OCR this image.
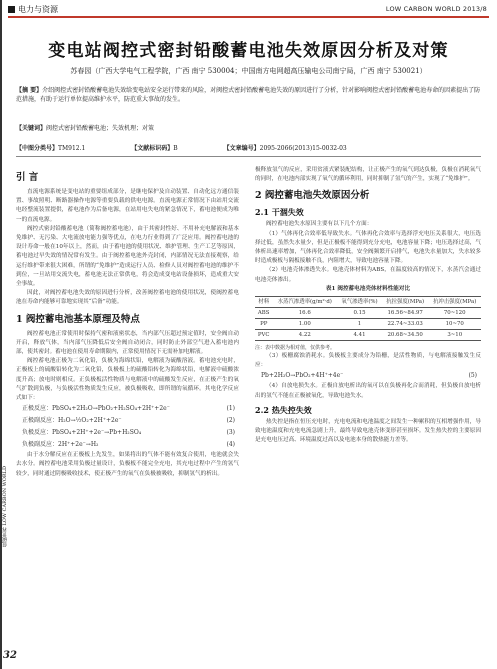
电力与资源	LOW CARBON WORLD 2013/8
变电站阀控式密封铅酸蓄电池失效原因分析及对策
苏春园（广西大学电气工程学院，广西 南宁 530004；中国南方电网超高压输电公司南宁局，广西 南宁 530021）
【摘 要】介绍阀控式密封铅酸蓄电池失效给变电站安全运行带来的风险，对阀控式密封铅酸蓄电池失效的原因进行了分析，针对影响阀控式密封铅酸蓄电池寿命的因素提出了防范措施，有助于运行单位提高维护水平，防范重大事故的发生。
【关键词】阀控式密封铅酸蓄电池；失效机理；对策
【中图分类号】TM912.1	【文献标识码】B	【文章编号】2095-2066(2013)15-0032-03
引 言

直流电源系统是变电站的重要组成部分，是继电保护及自动装置、自动化远方通信装置、事故照明、断路器操作电源等重要负载的供电电源。直流电源正常情况下由站用交流电经整流装置提供，蓄电池作为后备电源，在站用电失电的紧急情况下，蓄电池便成为唯一的直流电源。

阀控式密封铅酸蓄电池（简称阀控蓄电池），由于其密封性好、不用补充电解液和基本免维护、无污染、大电流放电能力强等优点，在电力行业得到了广泛应用。阀控蓄电池的设计寿命一般在10年以上，然而，由于蓄电池的使用状况、维护管理、生产工艺等原因，蓄电池过早失效的情况常有发生。由于阀控蓄电池外壳封闭，内部情况无法直接观察，给运行维护带来很大困难，所谓的“免维护”造成运行人员、检修人员对阀控蓄电池的维护不到位，一旦站用交流失电，蓄电池无法正常供电，将会造成变电站设备损坏，造成重大安全事故。

因此，对阀控蓄电池失效的原因进行分析，改善阀控蓄电池的使用状况，使阀控蓄电池在寿命内能够可靠地实现其“后备”功能。

1 阀控蓄电池基本原理及特点

阀控蓄电池正常使用时保持气密和液密状态，当内部气压超过预定值时，安全阀自动开启，释放气体，当内部气压降低后安全阀自动闭合，同时防止外部空气进入蓄电池内部，使其密封。蓄电池在使用寿命期限内，正常使用情况下无需补加电解液。

阀控蓄电池正极为二氧化铅，负极为海绵状铅，电解液为硫酸溶液。蓄电池充电时，正极板上的硫酸铅转化为二氧化铅，负极板上的硫酸铅转化为海绵状铅，电解液中硫酸浓度升高；放电时则相反。正负极板活性物质与电解液中的硫酸发生反应，在正极产生的氧气扩散到负极，与负极活性物质发生反应，被负极吸收，即所谓的氧循环。其电化学反应式如下：

正极反应：PbSO₄+2H₂O→PbO₂+H₂SO₄+2H⁺+2e⁻	(1)
正极副反应：H₂O→½O₂+2H⁺+2e⁻	(2)
负极反应：PbSO₄+2H⁺+2e⁻→Pb+H₂SO₄	(3)
负极副反应：2H⁺+2e⁻→H₂	(4)

由于水分解反应在正极板上先发生，如果将出的气体不能有效复合使用，电池就会失去水分。阀控蓄电池采用负极过量设计，负极板不能完全充电，其充电过程中产生的氢气较少，同时通过阴极吸收技术，使正极产生的氧气在负极被吸收，抑制氢气的析出。

极释放氢气的反应，采用贫液式紧装配结构，让正极产生的氧气到达负极，负极在消耗氧气的同时，在电池内部实现了氧气的循环利用，同时抑制了氢气的产生，实现了“免维护”。

2 阀控蓄电池失效原因分析
2.1 干涸失效

阀控蓄电池失水原因主要有以下几个方面：

（1）气体再化合效率低导致失水。气体再化合效率与选择浮充电压关系很大，电压选择过低，虽然失水量少，但是正极板不能得到充分充电，电池容量下降；电压选择过高，气体析出速率增加，气体再化合效率降低，安全阀频繁开启排气，电池失水量加大，失水较多时造成极板与隔板接触不良，内阻增大，导致电池容量下降。

（2）电池壳体渗透失水。电池壳体材料为ABS，在温度较高的情况下，水蒸汽会通过电池壳体渗出。

表1 阀控蓄电池壳体材料性能对比
材料	水蒸汽渗透率(g/m²·d)	氧气渗透率(%)	抗拉强度(MPa)	抗冲击强度(MPa)
ABS	16.6	0.15	16.56~84.97	70~120
PP	1.00	1	22.74~33.03	10~70
PVC	4.22	4.41	20.68~34.50	3~10
注：表中数据为相对值，仅供参考。

（3）板栅腐蚀消耗水。负极板主要成分为铅栅，是活性物质，与电解液接触发生反应：

Pb+2H₂O→PbO₂+4H⁺+4e⁻	(5)

（4）自放电损失水。正极自放电析出的氧可以在负极再化合而消耗，但负极自放电析出的氢气不能在正极被氧化，导致电池失水。

2.2 热失控失效

热失控是指在恒压充电时，充电电流和电池温度之间发生一种累积的互相增强作用，导致电池温度和充电电流急剧上升，最终导致电池壳体变形甚至损坏。发生热失控的主要原因是充电电压过高、环境温度过高以及电池本身的散热能力差等。

低碳世界 LOW CARBON WORLD
32
